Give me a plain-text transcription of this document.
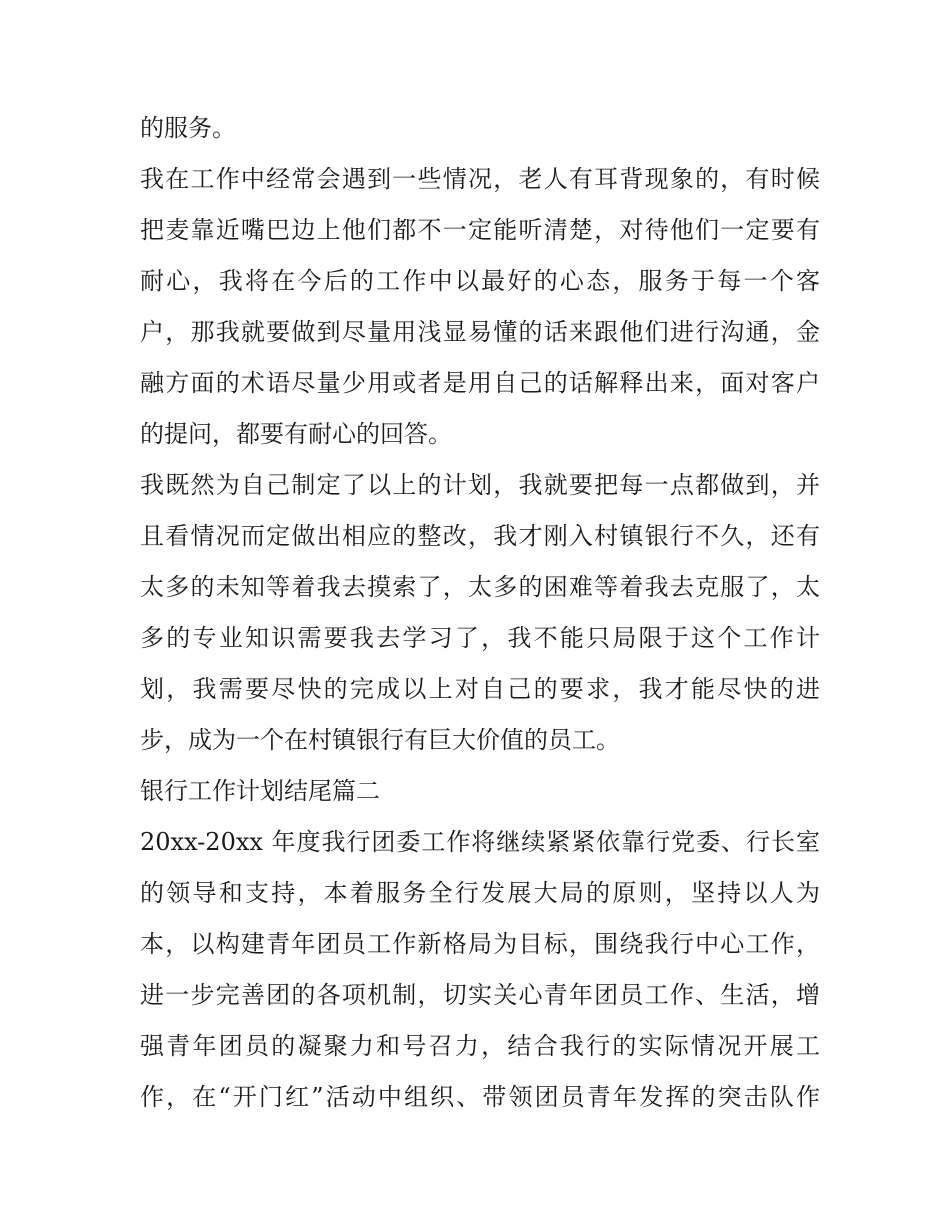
的服务。
我在工作中经常会遇到一些情况，老人有耳背现象的，有时候
把麦靠近嘴巴边上他们都不一定能听清楚，对待他们一定要有
耐心，我将在今后的工作中以最好的心态，服务于每一个客
户，那我就要做到尽量用浅显易懂的话来跟他们进行沟通，金
融方面的术语尽量少用或者是用自己的话解释出来，面对客户
的提问，都要有耐心的回答。
我既然为自己制定了以上的计划，我就要把每一点都做到，并
且看情况而定做出相应的整改，我才刚入村镇银行不久，还有
太多的未知等着我去摸索了，太多的困难等着我去克服了，太
多的专业知识需要我去学习了，我不能只局限于这个工作计
划，我需要尽快的完成以上对自己的要求，我才能尽快的进
步，成为一个在村镇银行有巨大价值的员工。
银行工作计划结尾篇二
20xx-20xx 年度我行团委工作将继续紧紧依靠行党委、行长室
的领导和支持，本着服务全行发展大局的原则，坚持以人为
本，以构建青年团员工作新格局为目标，围绕我行中心工作，
进一步完善团的各项机制，切实关心青年团员工作、生活，增
强青年团员的凝聚力和号召力，结合我行的实际情况开展工
作，在“开门红”活动中组织、带领团员青年发挥的突击队作
